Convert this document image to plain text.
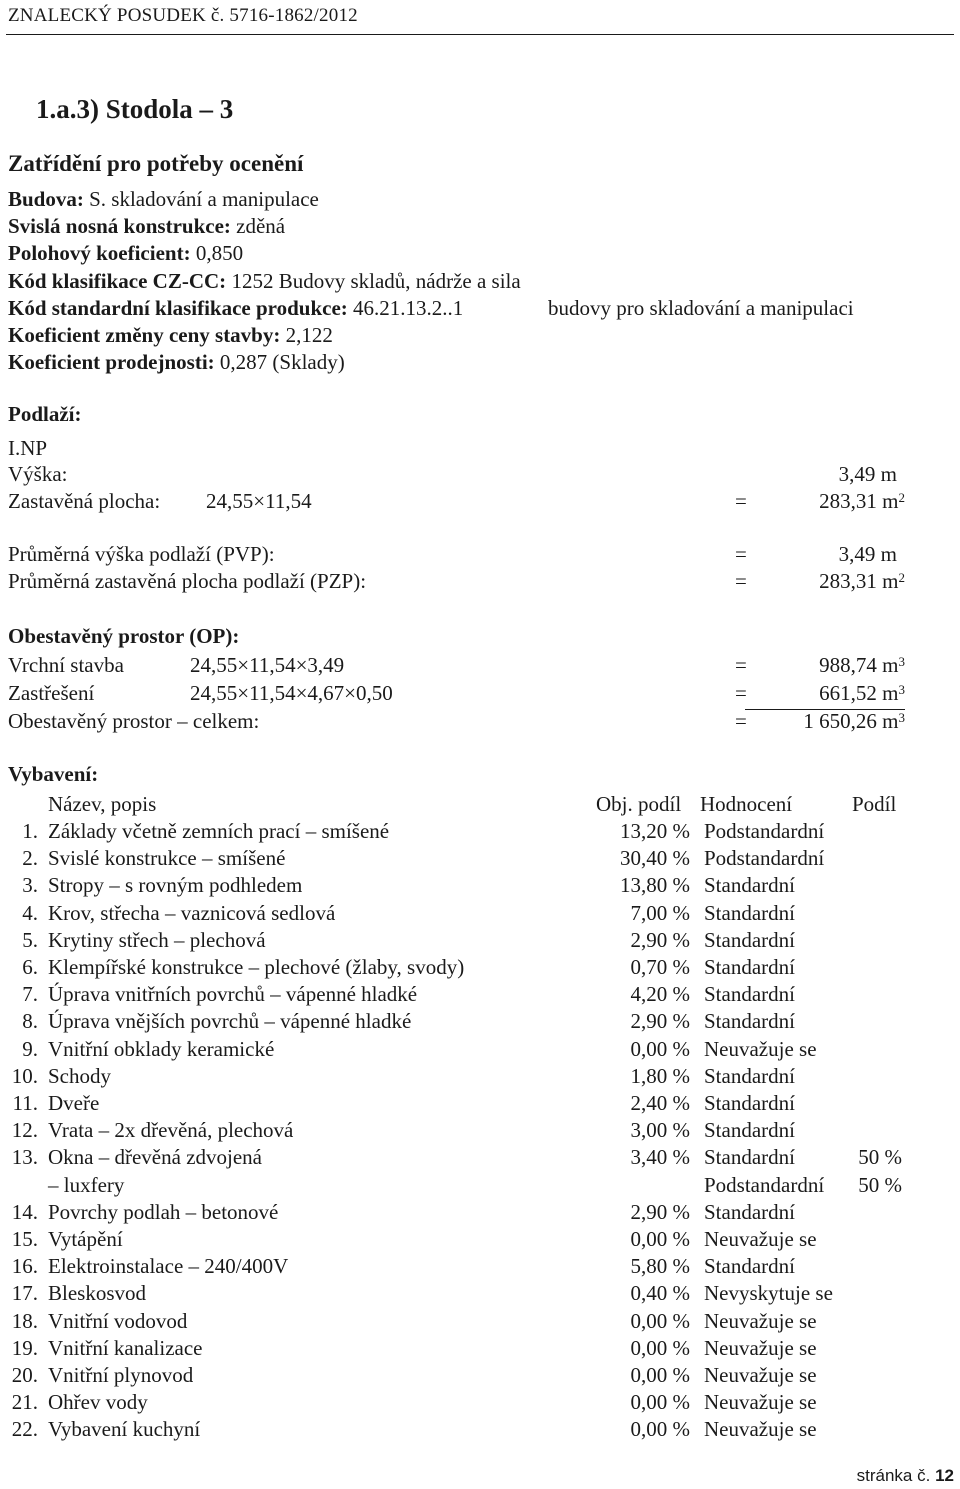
ZNALECKÝ POSUDEK č. 5716-1862/2012
1.a.3) Stodola – 3
Zatřídění pro potřeby ocenění
Budova: S. skladování a manipulace
Svislá nosná konstrukce: zděná
Polohový koeficient: 0,850
Kód klasifikace CZ-CC: 1252 Budovy skladů, nádrže a sila
Kód standardní klasifikace produkce: 46.21.13.2..1	budovy pro skladování a manipulaci
Koeficient změny ceny stavby: 2,122
Koeficient prodejnosti: 0,287 (Sklady)
Podlaží:
I.NP
Výška:	3,49 m
Zastavěná plocha: 24,55×11,54	=	283,31 $m^2$
Průměrná výška podlaží (PVP):	=	3,49 m
Průměrná zastavěná plocha podlaží (PZP):	=	283,31 $m^2$
Obestavěný prostor (OP):
Vrchní stavba	24,55×11,54×3,49	=	988,74 $m^3$
Zastřešení	24,55×11,54×4,67×0,50	=	661,52 $m^3$
Obestavěný prostor – celkem:	=	1 650,26 $m^3$
Vybavení:
Název, popis	Obj. podíl Hodnocení	Podíl
1. Základy včetně zemních prací – smíšené	13,20 % Podstandardní
2. Svislé konstrukce – smíšené	30,40 % Podstandardní
3. Stropy – s rovným podhledem	13,80 % Standardní
4. Krov, střecha – vaznicová sedlová	7,00 % Standardní
5. Krytiny střech – plechová	2,90 % Standardní
6. Klempířské konstrukce – plechové (žlaby, svody)	0,70 % Standardní
7. Úprava vnitřních povrchů – vápenné hladké	4,20 % Standardní
8. Úprava vnějších povrchů – vápenné hladké	2,90 % Standardní
9. Vnitřní obklady keramické	0,00 % Neuvažuje se
10. Schody	1,80 % Standardní
11. Dveře	2,40 % Standardní
12. Vrata – 2x dřevěná, plechová	3,00 % Standardní
13. Okna – dřevěná zdvojená	3,40 % Standardní	50 %
– luxfery	Podstandardní	50 %
14. Povrchy podlah – betonové	2,90 % Standardní
15. Vytápění	0,00 % Neuvažuje se
16. Elektroinstalace – 240/400V	5,80 % Standardní
17. Bleskosvod	0,40 % Nevyskytuje se
18. Vnitřní vodovod	0,00 % Neuvažuje se
19. Vnitřní kanalizace	0,00 % Neuvažuje se
20. Vnitřní plynovod	0,00 % Neuvažuje se
21. Ohřev vody	0,00 % Neuvažuje se
22. Vybavení kuchyní	0,00 % Neuvažuje se
stránka č. 12
